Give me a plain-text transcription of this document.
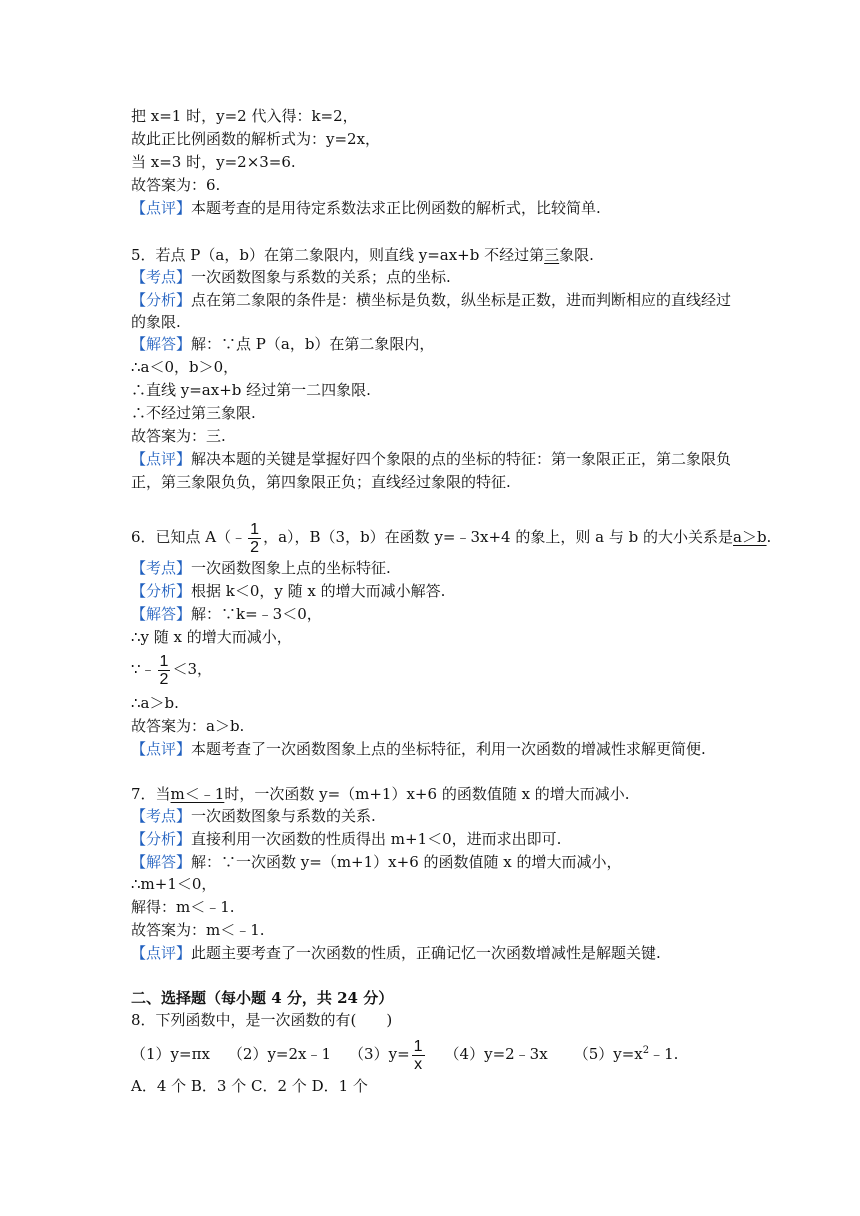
把 x=1 时，y=2 代入得：k=2，
故此正比例函数的解析式为：y=2x，
当 x=3 时，y=2×3=6.
故答案为：6.
【点评】本题考查的是用待定系数法求正比例函数的解析式，比较简单.
5．若点 P（a，b）在第二象限内，则直线 y=ax+b 不经过第三象限.
【考点】一次函数图象与系数的关系；点的坐标.
【分析】点在第二象限的条件是：横坐标是负数，纵坐标是正数，进而判断相应的直线经过
的象限.
【解答】解：∵点 P（a，b）在第二象限内，
∴a＜0，b＞0，
∴直线 y=ax+b 经过第一二四象限.
∴不经过第三象限.
故答案为：三.
【点评】解决本题的关键是掌握好四个象限的点的坐标的特征：第一象限正正，第二象限负
正，第三象限负负，第四象限正负；直线经过象限的特征.
6．已知点 A（﹣ $\frac{1}{2}$ ，a），B（3，b）在函数 y=﹣3x+4 的象上，则 a 与 b 的大小关系是a＞b.
【考点】一次函数图象上点的坐标特征.
【分析】根据 k＜0，y 随 x 的增大而减小解答.
【解答】解：∵k=﹣3＜0，
∴y 随 x 的增大而减小，
∵﹣ $\frac{1}{2} <3$，
∴a＞b.
故答案为：a＞b.
【点评】本题考查了一次函数图象上点的坐标特征，利用一次函数的增减性求解更简便.
7．当m＜﹣1时，一次函数 y=（m+1）x+6 的函数值随 x 的增大而减小.
【考点】一次函数图象与系数的关系.
【分析】直接利用一次函数的性质得出 m+1＜0，进而求出即可.
【解答】解：∵一次函数 y=（m+1）x+6 的函数值随 x 的增大而减小，
∴m+1＜0，
解得：m＜﹣1.
故答案为：m＜﹣1.
【点评】此题主要考查了一次函数的性质，正确记忆一次函数增减性是解题关键.
二、选择题（每小题 4 分，共 24 分）
8．下列函数中，是一次函数的有(　　)
（1）y=πx （2）y=2x﹣1 $(3)y= \frac{1}{x}$ （4）y=2﹣3x $(5)y=x^2﹣1$.
A．4 个 B．3 个 C．2 个 D．1 个
